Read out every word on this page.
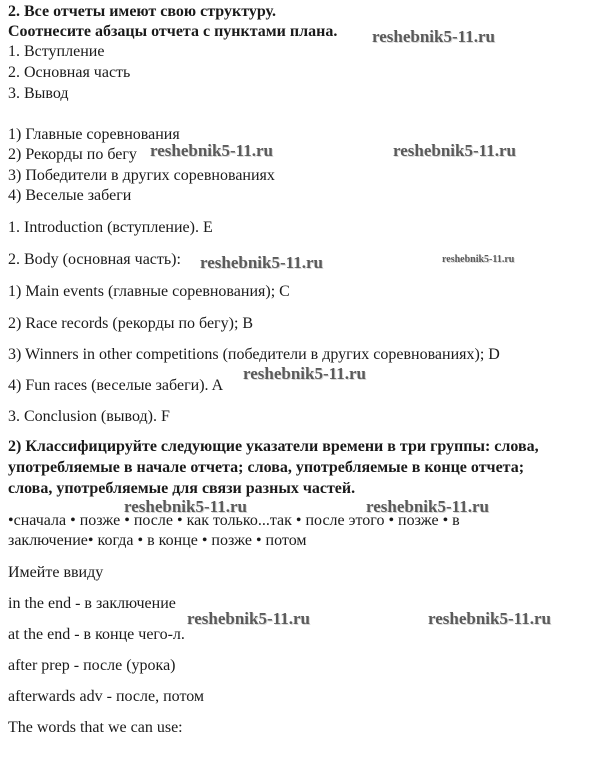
2. Все отчеты имеют свою структуру.
Соотнесите абзацы отчета с пунктами плана.
1. Вступление
2. Основная часть
3. Вывод
1) Главные соревнования
2) Рекорды по бегу
3) Победители в других соревнованиях
4) Веселые забеги
1. Introduction (вступление). E
2. Body (основная часть):
1) Main events (главные соревнования); C
2) Race records (рекорды по бегу); B
3) Winners in other competitions (победители в других соревнованиях); D
4) Fun races (веселые забеги). A
3. Conclusion (вывод). F
2) Классифицируйте следующие указатели времени в три группы: слова,
употребляемые в начале отчета; слова, употребляемые в конце отчета;
слова, употребляемые для связи разных частей.
•сначала • позже • после • как только...так • после этого • позже • в
заключение• когда • в конце • позже • потом
Имейте ввиду
in the end - в заключение
at the end - в конце чего-л.
after prep - после (урока)
afterwards adv - после, потом
The words that we can use:
reshebnik5-11.ru
reshebnik5-11.ru	reshebnik5-11.ru
reshebnik5-11.ru	reshebnik5-11.ru
reshebnik5-11.ru
reshebnik5-11.ru	reshebnik5-11.ru
reshebnik5-11.ru	reshebnik5-11.ru
